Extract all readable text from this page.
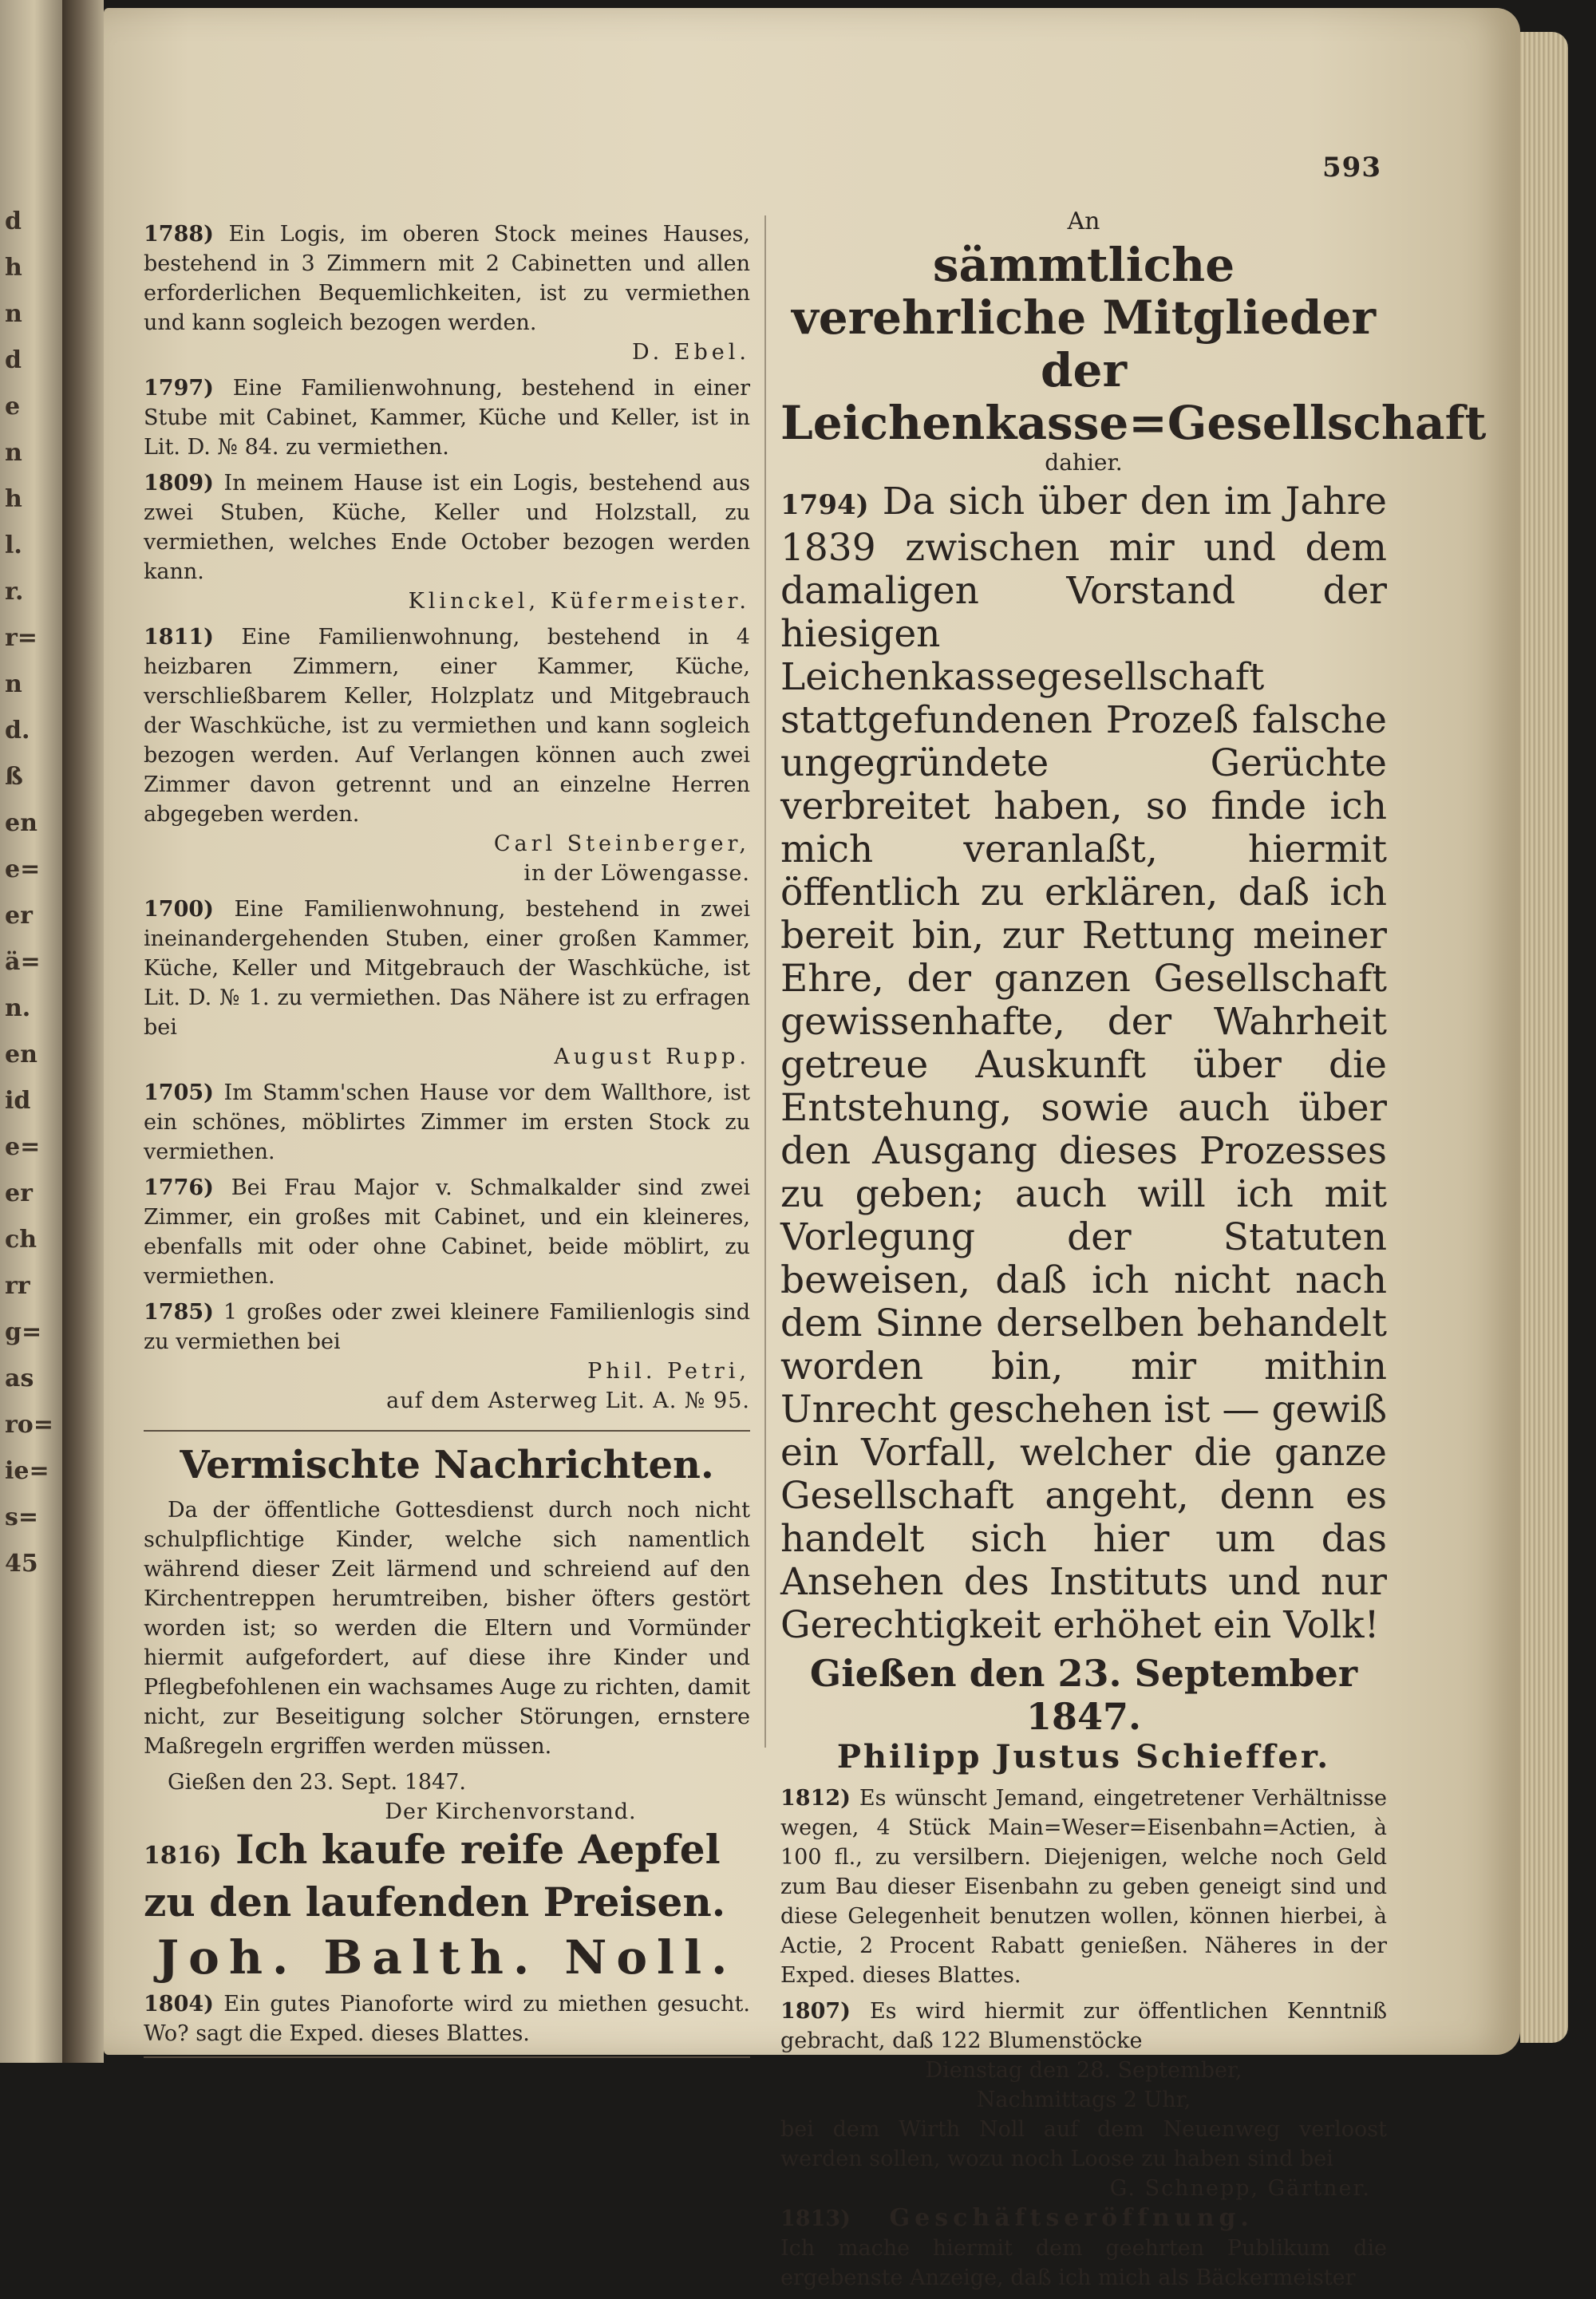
d
h
n
d
e
n
h
l.
r.
r=
n
d.
ß
en
e=
er
ä=
n.
en
id
e=
er
ch
rr
g=
as
ro=
ie=
s=
45
593
1788) Ein Logis, im oberen Stock meines Hauses, bestehend in 3 Zimmern mit 2 Cabinetten und allen erforderlichen Bequemlichkeiten, ist zu vermiethen und kann sogleich bezogen werden.
D. Ebel.
1797) Eine Familienwohnung, bestehend in einer Stube mit Cabinet, Kammer, Küche und Keller, ist in Lit. D. № 84. zu vermiethen.
1809) In meinem Hause ist ein Logis, bestehend aus zwei Stuben, Küche, Keller und Holzstall, zu vermiethen, welches Ende October bezogen werden kann.
Klinckel, Küfermeister.
1811) Eine Familienwohnung, bestehend in 4 heizbaren Zimmern, einer Kammer, Küche, verschließbarem Keller, Holzplatz und Mitgebrauch der Waschküche, ist zu vermiethen und kann sogleich bezogen werden. Auf Verlangen können auch zwei Zimmer davon getrennt und an einzelne Herren abgegeben werden.
Carl Steinberger,
in der Löwengasse.
1700) Eine Familienwohnung, bestehend in zwei ineinandergehenden Stuben, einer großen Kammer, Küche, Keller und Mitgebrauch der Waschküche, ist Lit. D. № 1. zu vermiethen. Das Nähere ist zu erfragen bei
August Rupp.
1705) Im Stamm'schen Hause vor dem Wallthore, ist ein schönes, möblirtes Zimmer im ersten Stock zu vermiethen.
1776) Bei Frau Major v. Schmalkalder sind zwei Zimmer, ein großes mit Cabinet, und ein kleineres, ebenfalls mit oder ohne Cabinet, beide möblirt, zu vermiethen.
1785) 1 großes oder zwei kleinere Familienlogis sind zu vermiethen bei
Phil. Petri,
auf dem Asterweg Lit. A. № 95.
Vermischte Nachrichten.
Da der öffentliche Gottesdienst durch noch nicht schulpflichtige Kinder, welche sich namentlich während dieser Zeit lärmend und schreiend auf den Kirchentreppen herumtreiben, bisher öfters gestört worden ist; so werden die Eltern und Vormünder hiermit aufgefordert, auf diese ihre Kinder und Pflegbefohlenen ein wachsames Auge zu richten, damit nicht, zur Beseitigung solcher Störungen, ernstere Maßregeln ergriffen werden müssen.
Gießen den 23. Sept. 1847.
Der Kirchenvorstand.
1816) Ich kaufe reife Aepfel zu den laufenden Preisen.
Joh. Balth. Noll.
1804) Ein gutes Pianoforte wird zu miethen gesucht. Wo? sagt die Exped. dieses Blattes.
An
sämmtliche verehrliche Mitglieder der Leichenkasse=Gesellschaft
dahier.
1794) Da sich über den im Jahre 1839 zwischen mir und dem damaligen Vorstand der hiesigen Leichenkassegesellschaft stattgefundenen Prozeß falsche ungegründete Gerüchte verbreitet haben, so finde ich mich veranlaßt, hiermit öffentlich zu erklären, daß ich bereit bin, zur Rettung meiner Ehre, der ganzen Gesellschaft gewissenhafte, der Wahrheit getreue Auskunft über die Entstehung, sowie auch über den Ausgang dieses Prozesses zu geben; auch will ich mit Vorlegung der Statuten beweisen, daß ich nicht nach dem Sinne derselben behandelt worden bin, mir mithin Unrecht geschehen ist — gewiß ein Vorfall, welcher die ganze Gesellschaft angeht, denn es handelt sich hier um das Ansehen des Instituts und nur Gerechtigkeit erhöhet ein Volk!
Gießen den 23. September 1847.
Philipp Justus Schieffer.
1812) Es wünscht Jemand, eingetretener Verhältnisse wegen, 4 Stück Main=Weser=Eisenbahn=Actien, à 100 fl., zu versilbern. Diejenigen, welche noch Geld zum Bau dieser Eisenbahn zu geben geneigt sind und diese Gelegenheit benutzen wollen, können hierbei, à Actie, 2 Procent Rabatt genießen. Näheres in der Exped. dieses Blattes.
1807) Es wird hiermit zur öffentlichen Kenntniß gebracht, daß 122 Blumenstöcke
Dienstag den 28. September,
Nachmittags 2 Uhr,
bei dem Wirth Noll auf dem Neuenweg verloost werden sollen, wozu noch Loose zu haben sind bei
G. Schnepp, Gärtner.
1813) Geschäftseröffnung.
Ich mache hiermit dem geehrten Publikum die ergebenste Anzeige, daß ich mich als Bäckermeister
